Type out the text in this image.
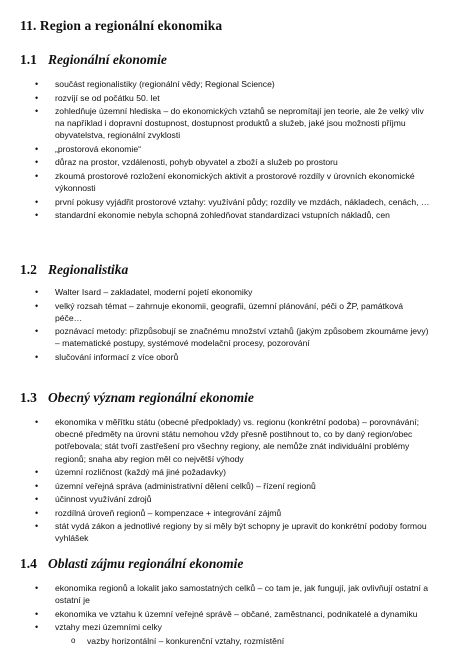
11. Region a regionální ekonomika
1.1 Regionální ekonomie
• součást regionalistiky (regionální vědy; Regional Science)
• rozvíjí se od počátku 50. let
• zohledňuje územní hlediska – do ekonomických vztahů se nepromítají jen teorie, ale že velký vliv na například i dopravní dostupnost, dostupnost produktů a služeb, jaké jsou možnosti příjmu obyvatelstva, regionální zvyklosti
• „prostorová ekonomie“
• důraz na prostor, vzdálenosti, pohyb obyvatel a zboží a služeb po prostoru
• zkoumá prostorové rozložení ekonomických aktivit a prostorové rozdíly v úrovních ekonomické výkonnosti
• první pokusy vyjádřit prostorové vztahy: využívání půdy; rozdíly ve mzdách, nákladech, cenách, …
• standardní ekonomie nebyla schopná zohledňovat standardizaci vstupních nákladů, cen
1.2 Regionalistika
• Walter Isard – zakladatel, moderní pojetí ekonomiky
• velký rozsah témat – zahrnuje ekonomii, geografii, územní plánování, péči o ŽP, památková péče…
• poznávací metody: přizpůsobují se značnému množství vztahů (jakým způsobem zkoumáme jevy) – matematické postupy, systémové modelační procesy, pozorování
• slučování informací z více oborů
1.3 Obecný význam regionální ekonomie
• ekonomika v měřítku státu (obecné předpoklady) vs. regionu (konkrétní podoba) – porovnávání; obecné předměty na úrovni státu nemohou vždy přesně postihnout to, co by daný region/obec potřebovala; stát tvoří zastřešení pro všechny regiony, ale nemůže znát individuální problémy regionů; snaha aby region měl co největší výhody
• územní rozličnost (každý má jiné požadavky)
• územní veřejná správa (administrativní dělení celků) – řízení regionů
• účinnost využívání zdrojů
• rozdílná úroveň regionů – kompenzace + integrování zájmů
• stát vydá zákon a jednotlivé regiony by si měly být schopny je upravit do konkrétní podoby formou vyhlášek
1.4 Oblasti zájmu regionální ekonomie
• ekonomika regionů a lokalit jako samostatných celků – co tam je, jak fungují, jak ovlivňují ostatní a ostatní je
• ekonomika ve vztahu k územní veřejné správě – občané, zaměstnanci, podnikatelé a dynamiku
• vztahy mezi územními celky
o vazby horizontální – konkurenční vztahy, rozmístění
